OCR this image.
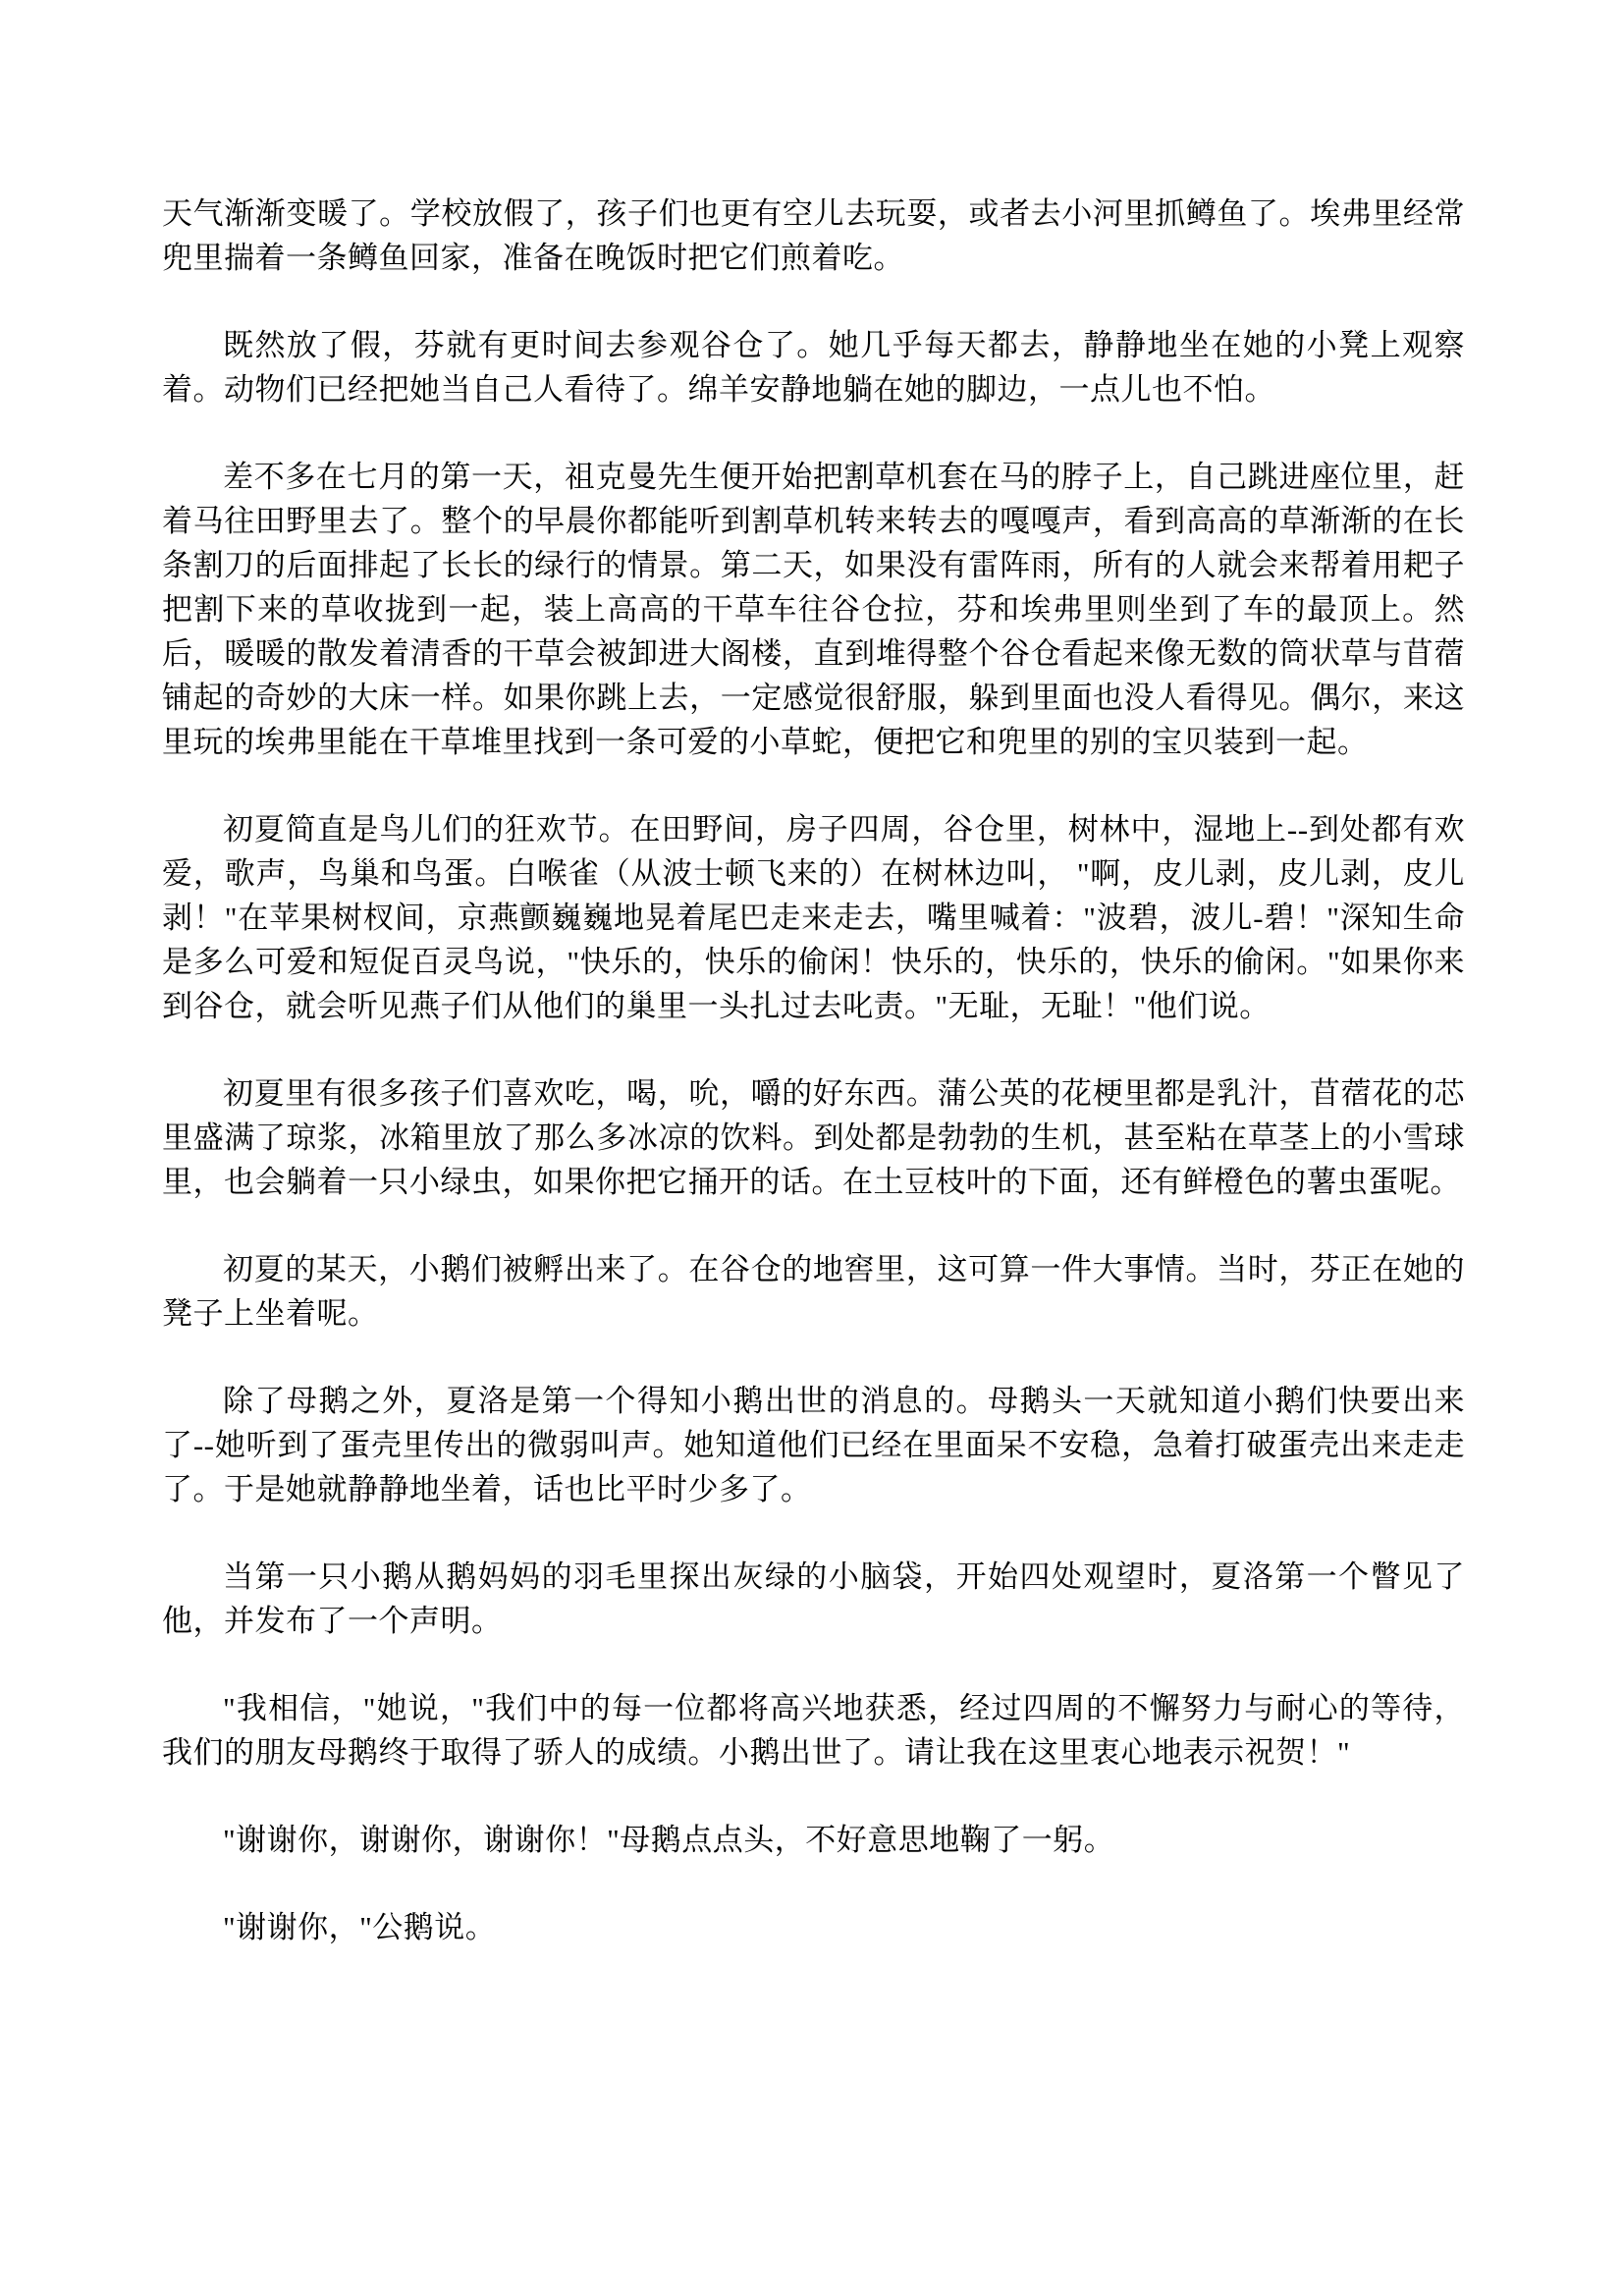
天气渐渐变暖了。学校放假了，孩子们也更有空儿去玩耍，或者去小河里抓鳟鱼了。埃弗里经常兜里揣着一条鳟鱼回家，准备在晚饭时把它们煎着吃。

既然放了假，芬就有更时间去参观谷仓了。她几乎每天都去，静静地坐在她的小凳上观察着。动物们已经把她当自己人看待了。绵羊安静地躺在她的脚边，一点儿也不怕。

差不多在七月的第一天，祖克曼先生便开始把割草机套在马的脖子上，自己跳进座位里，赶着马往田野里去了。整个的早晨你都能听到割草机转来转去的嘎嘎声，看到高高的草渐渐的在长条割刀的后面排起了长长的绿行的情景。第二天，如果没有雷阵雨，所有的人就会来帮着用耙子把割下来的草收拢到一起，装上高高的干草车往谷仓拉，芬和埃弗里则坐到了车的最顶上。然后，暖暖的散发着清香的干草会被卸进大阁楼，直到堆得整个谷仓看起来像无数的筒状草与苜蓿铺起的奇妙的大床一样。如果你跳上去，一定感觉很舒服，躲到里面也没人看得见。偶尔，来这里玩的埃弗里能在干草堆里找到一条可爱的小草蛇，便把它和兜里的别的宝贝装到一起。

初夏简直是鸟儿们的狂欢节。在田野间，房子四周，谷仓里，树林中，湿地上--到处都有欢爱，歌声，鸟巢和鸟蛋。白喉雀（从波士顿飞来的）在树林边叫， "啊，皮儿剥，皮儿剥，皮儿剥！"在苹果树杈间，京燕颤巍巍地晃着尾巴走来走去，嘴里喊着："波碧，波儿-碧！"深知生命是多么可爱和短促百灵鸟说，"快乐的，快乐的偷闲！快乐的，快乐的，快乐的偷闲。"如果你来到谷仓，就会听见燕子们从他们的巢里一头扎过去叱责。"无耻，无耻！"他们说。

初夏里有很多孩子们喜欢吃，喝，吮，嚼的好东西。蒲公英的花梗里都是乳汁，苜蓿花的芯里盛满了琼浆，冰箱里放了那么多冰凉的饮料。到处都是勃勃的生机，甚至粘在草茎上的小雪球里，也会躺着一只小绿虫，如果你把它捅开的话。在土豆枝叶的下面，还有鲜橙色的薯虫蛋呢。

初夏的某天，小鹅们被孵出来了。在谷仓的地窖里，这可算一件大事情。当时，芬正在她的凳子上坐着呢。

除了母鹅之外，夏洛是第一个得知小鹅出世的消息的。母鹅头一天就知道小鹅们快要出来了--她听到了蛋壳里传出的微弱叫声。她知道他们已经在里面呆不安稳，急着打破蛋壳出来走走了。于是她就静静地坐着，话也比平时少多了。

当第一只小鹅从鹅妈妈的羽毛里探出灰绿的小脑袋，开始四处观望时，夏洛第一个瞥见了他，并发布了一个声明。

"我相信，"她说，"我们中的每一位都将高兴地获悉，经过四周的不懈努力与耐心的等待，我们的朋友母鹅终于取得了骄人的成绩。小鹅出世了。请让我在这里衷心地表示祝贺！"

"谢谢你，谢谢你，谢谢你！"母鹅点点头，不好意思地鞠了一躬。

"谢谢你，"公鹅说。
